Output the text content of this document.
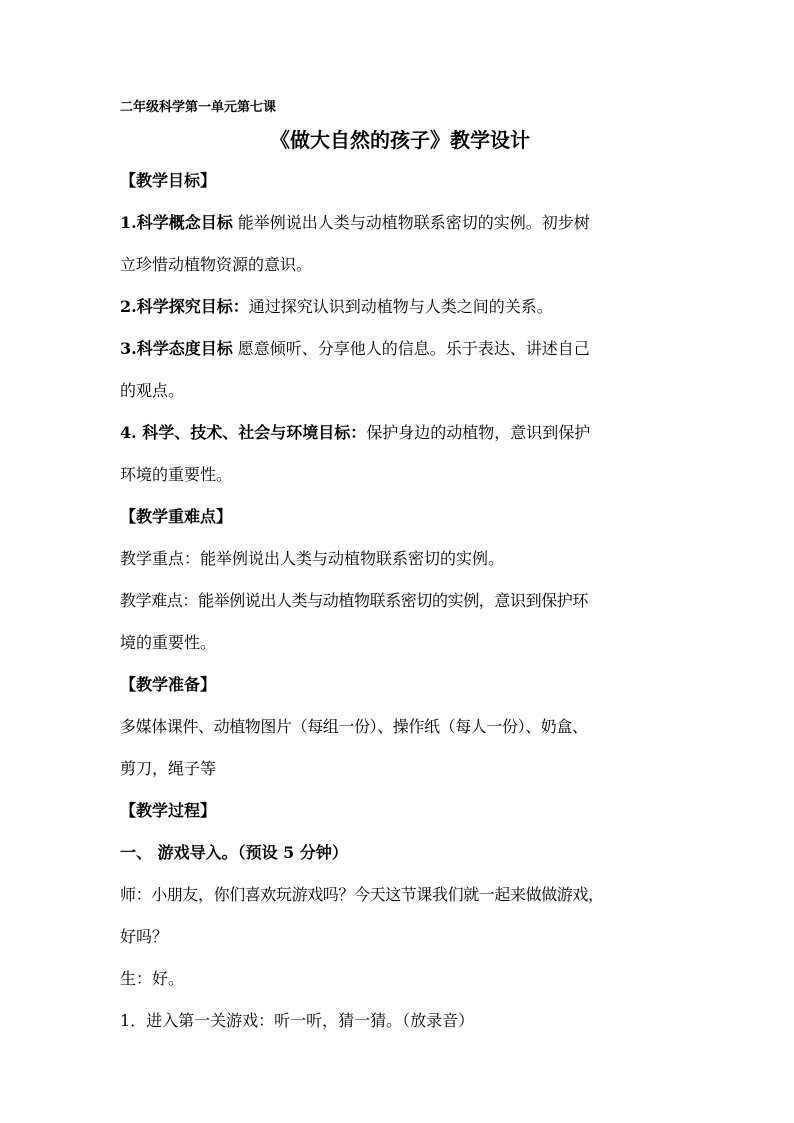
二年级科学第一单元第七课
《做大自然的孩子》教学设计
【教学目标】
1.科学概念目标 能举例说出人类与动植物联系密切的实例。初步树
立珍惜动植物资源的意识。
2.科学探究目标：通过探究认识到动植物与人类之间的关系。
3.科学态度目标 愿意倾听、分享他人的信息。乐于表达、讲述自己
的观点。
4. 科学、技术、社会与环境目标：保护身边的动植物，意识到保护
环境的重要性。
【教学重难点】
教学重点：能举例说出人类与动植物联系密切的实例。
教学难点：能举例说出人类与动植物联系密切的实例，意识到保护环
境的重要性。
【教学准备】
多媒体课件、动植物图片（每组一份）、操作纸（每人一份）、奶盒、
剪刀，绳子等
【教学过程】
一、 游戏导入。（预设 5 分钟）
师：小朋友，你们喜欢玩游戏吗？今天这节课我们就一起来做做游戏，
好吗？
生：好。
1．进入第一关游戏：听一听，猜一猜。（放录音）
